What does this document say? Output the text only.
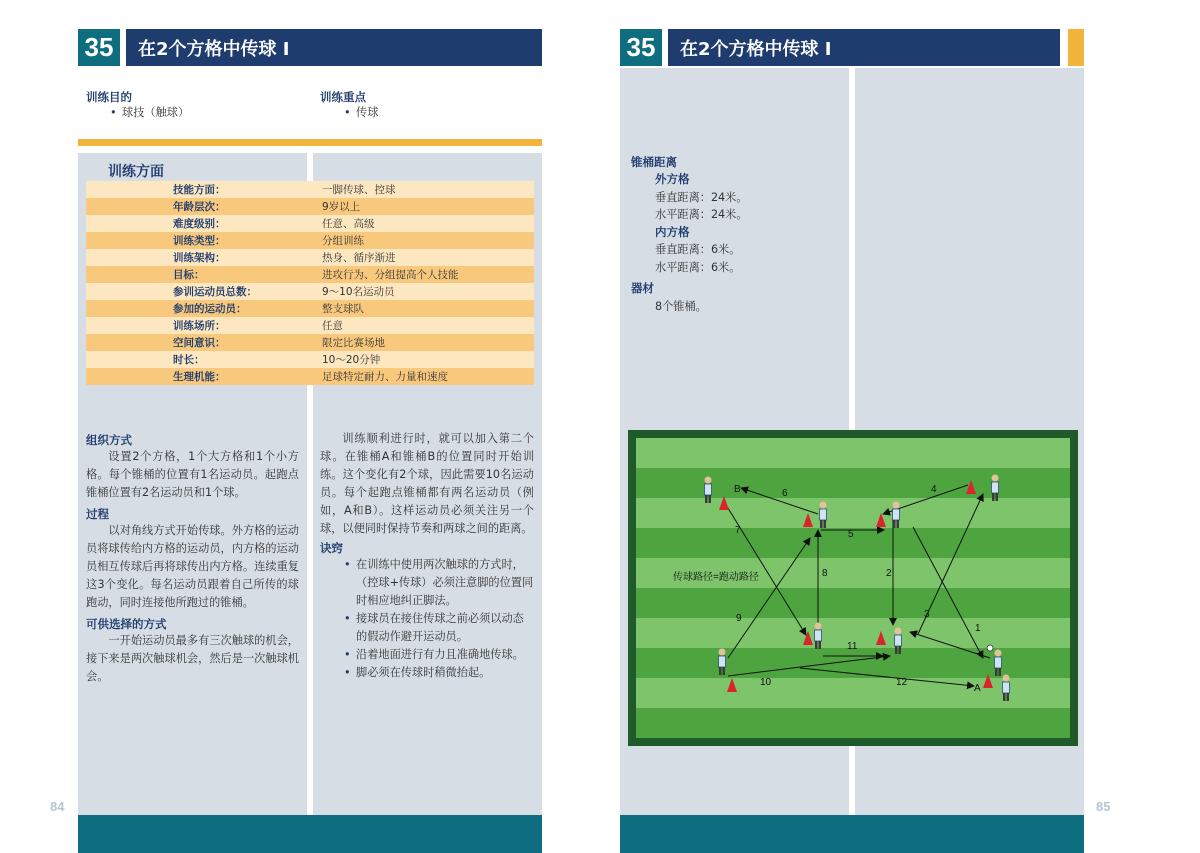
35	在2个方格中传球 Ⅰ
训练目的
• 球技（触球）
训练重点
• 传球
训练方面
技能方面：	一脚传球、控球
年龄层次：	9岁以上
难度级别：	任意、高级
训练类型：	分组训练
训练架构：	热身、循序渐进
目标：	进攻行为、分组提高个人技能
参训运动员总数：	9～10名运动员
参加的运动员：	整支球队
训练场所：	任意
空间意识：	限定比赛场地
时长：	10～20分钟
生理机能：	足球特定耐力、力量和速度
组织方式

设置2个方格，1个大方格和1个小方格。每个锥桶的位置有1名运动员。起跑点锥桶位置有2名运动员和1个球。

过程

以对角线方式开始传球。外方格的运动员将球传给内方格的运动员，内方格的运动员相互传球后再将球传出内方格。连续重复这3个变化。每名运动员跟着自己所传的球跑动，同时连接他所跑过的锥桶。

可供选择的方式

一开始运动员最多有三次触球的机会，接下来是两次触球机会，然后是一次触球机会。

训练顺利进行时，就可以加入第二个球。在锥桶A和锥桶B的位置同时开始训练。这个变化有2个球，因此需要10名运动员。每个起跑点锥桶都有两名运动员（例如，A和B）。这样运动员必须关注另一个球，以便同时保持节奏和两球之间的距离。

诀窍
• 在训练中使用两次触球的方式时，
（控球+传球）必须注意脚的位置同
时相应地纠正脚法。
• 接球员在接住传球之前必须以动态
的假动作避开运动员。
• 沿着地面进行有力且准确地传球。
• 脚必须在传球时稍微抬起。
84
35	在2个方格中传球 Ⅰ
锥桶距离
外方格
垂直距离：24米。
水平距离：24米。
内方格
垂直距离：6米。
水平距离：6米。
器材
8个锥桶。
A
B
1
2
3
4
5
6
7
8
9
10
11
12
传球路径=跑动路径
85
